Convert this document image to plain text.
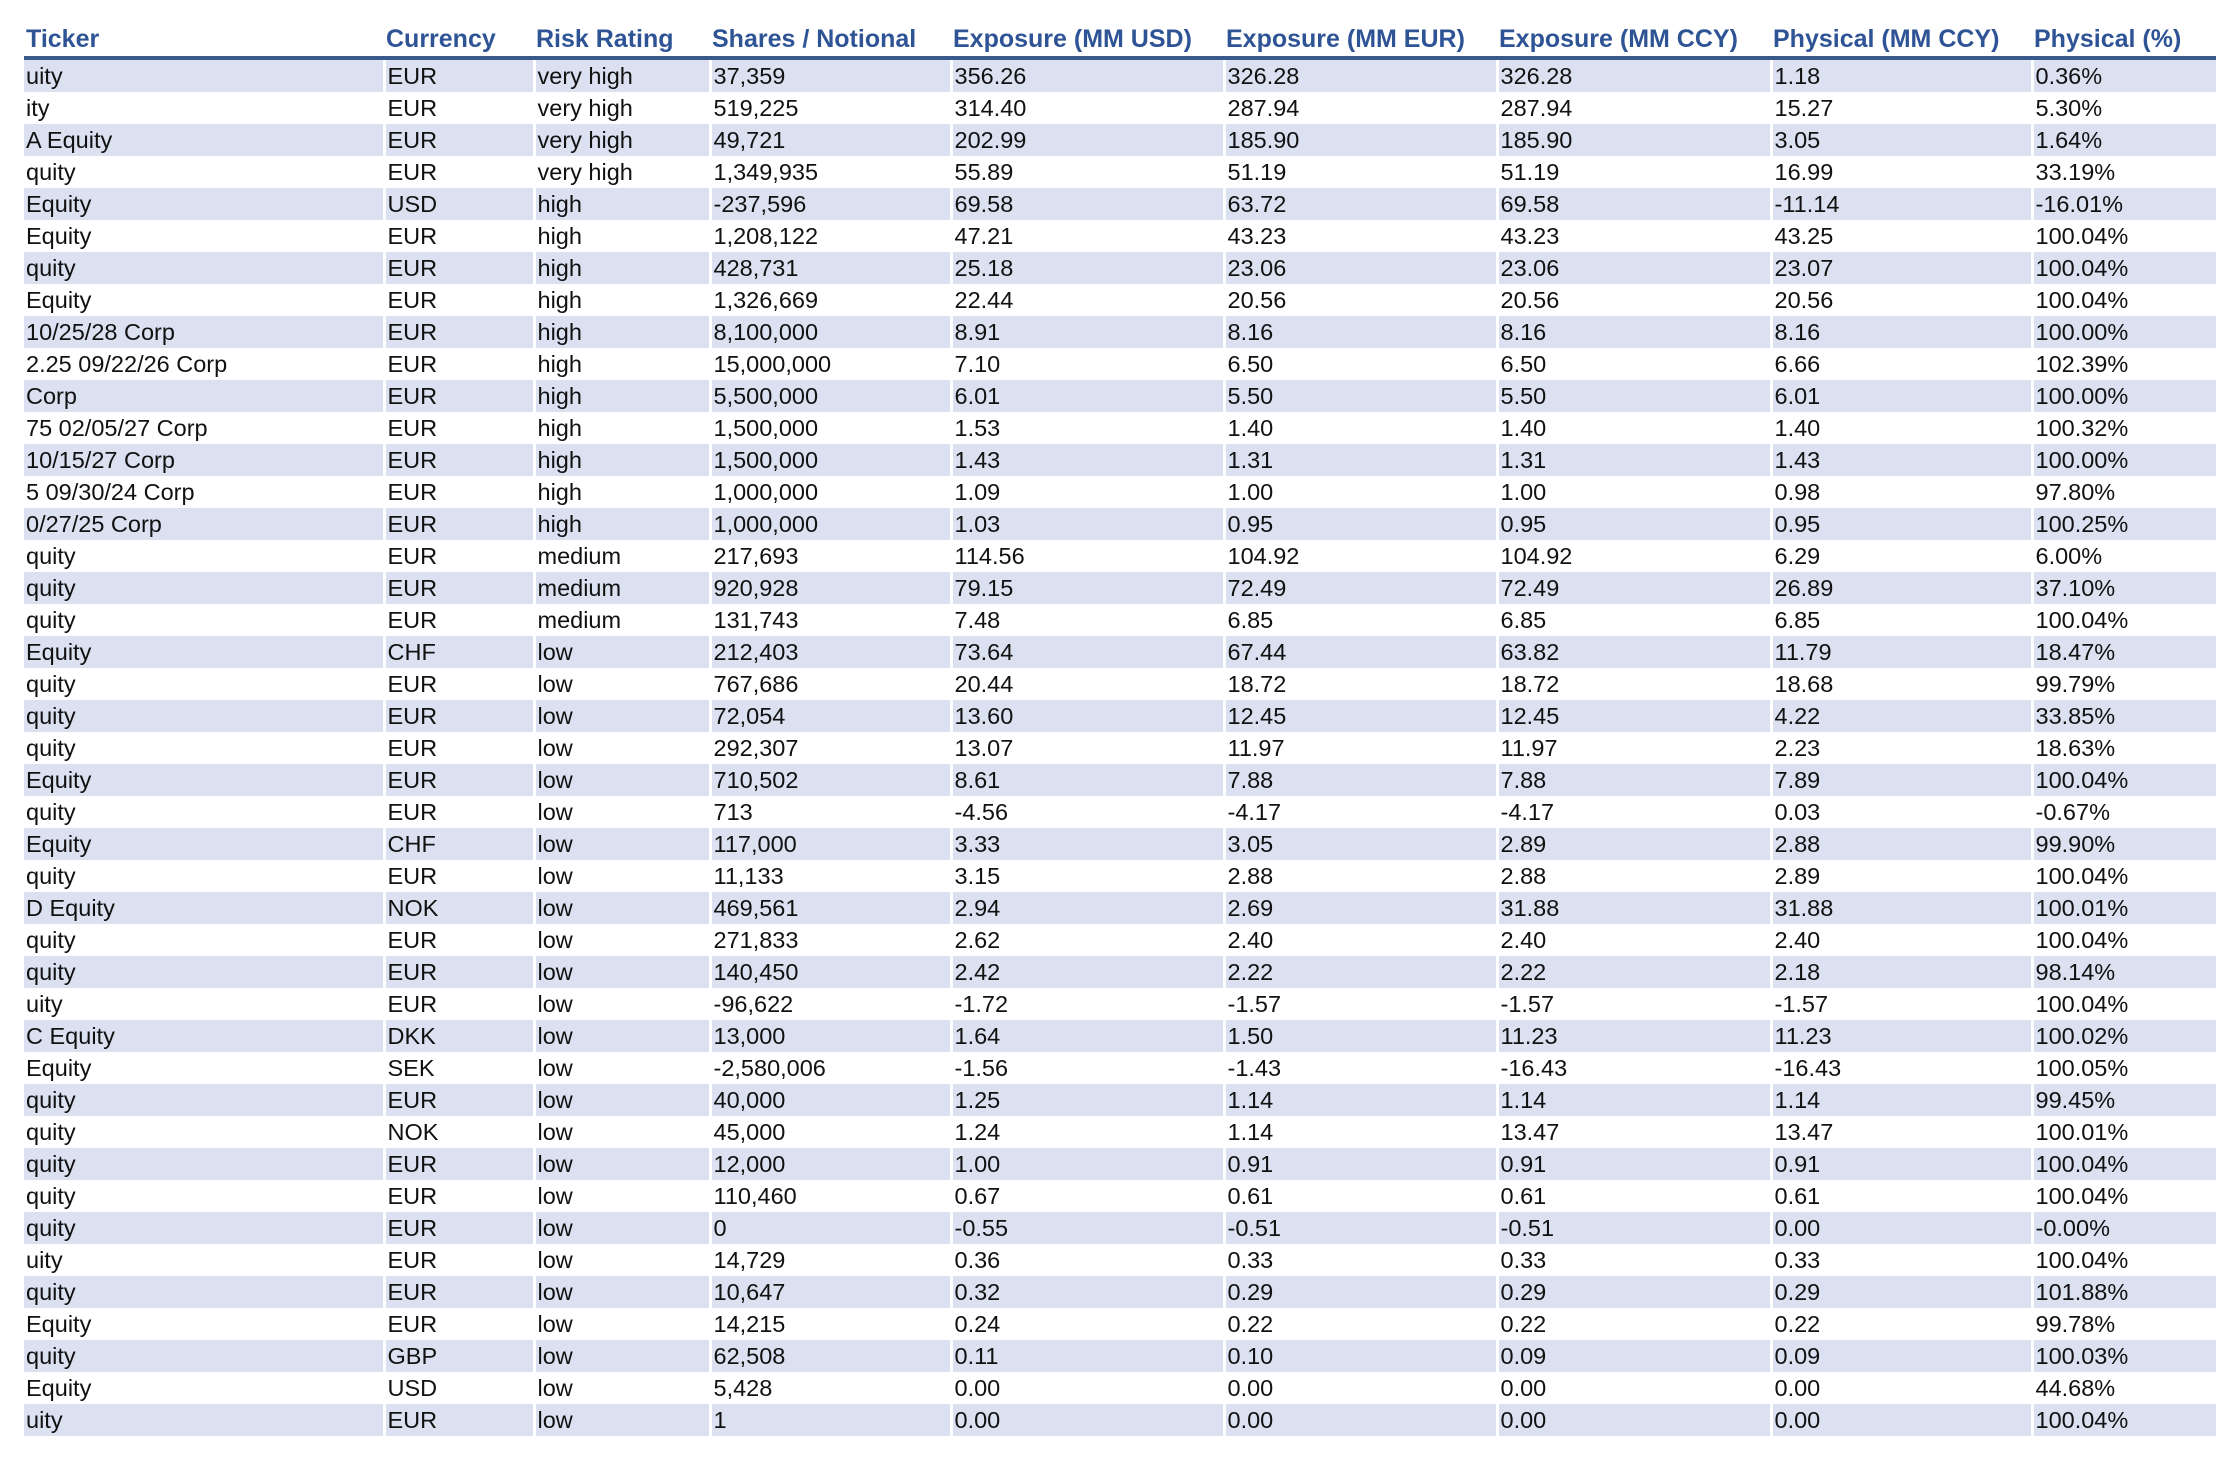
Ticker	Currency	Risk Rating	Shares / Notional	Exposure (MM USD)	Exposure (MM EUR)	Exposure (MM CCY)	Physical (MM CCY)	Physical (%)
uity	EUR	very high	37,359	356.26	326.28	326.28	1.18	0.36%
ity	EUR	very high	519,225	314.40	287.94	287.94	15.27	5.30%
A Equity	EUR	very high	49,721	202.99	185.90	185.90	3.05	1.64%
quity	EUR	very high	1,349,935	55.89	51.19	51.19	16.99	33.19%
Equity	USD	high	-237,596	69.58	63.72	69.58	-11.14	-16.01%
Equity	EUR	high	1,208,122	47.21	43.23	43.23	43.25	100.04%
quity	EUR	high	428,731	25.18	23.06	23.06	23.07	100.04%
Equity	EUR	high	1,326,669	22.44	20.56	20.56	20.56	100.04%
10/25/28 Corp	EUR	high	8,100,000	8.91	8.16	8.16	8.16	100.00%
2.25 09/22/26 Corp	EUR	high	15,000,000	7.10	6.50	6.50	6.66	102.39%
Corp	EUR	high	5,500,000	6.01	5.50	5.50	6.01	100.00%
75 02/05/27 Corp	EUR	high	1,500,000	1.53	1.40	1.40	1.40	100.32%
10/15/27 Corp	EUR	high	1,500,000	1.43	1.31	1.31	1.43	100.00%
5 09/30/24 Corp	EUR	high	1,000,000	1.09	1.00	1.00	0.98	97.80%
0/27/25 Corp	EUR	high	1,000,000	1.03	0.95	0.95	0.95	100.25%
quity	EUR	medium	217,693	114.56	104.92	104.92	6.29	6.00%
quity	EUR	medium	920,928	79.15	72.49	72.49	26.89	37.10%
quity	EUR	medium	131,743	7.48	6.85	6.85	6.85	100.04%
Equity	CHF	low	212,403	73.64	67.44	63.82	11.79	18.47%
quity	EUR	low	767,686	20.44	18.72	18.72	18.68	99.79%
quity	EUR	low	72,054	13.60	12.45	12.45	4.22	33.85%
quity	EUR	low	292,307	13.07	11.97	11.97	2.23	18.63%
Equity	EUR	low	710,502	8.61	7.88	7.88	7.89	100.04%
quity	EUR	low	713	-4.56	-4.17	-4.17	0.03	-0.67%
Equity	CHF	low	117,000	3.33	3.05	2.89	2.88	99.90%
quity	EUR	low	11,133	3.15	2.88	2.88	2.89	100.04%
D Equity	NOK	low	469,561	2.94	2.69	31.88	31.88	100.01%
quity	EUR	low	271,833	2.62	2.40	2.40	2.40	100.04%
quity	EUR	low	140,450	2.42	2.22	2.22	2.18	98.14%
uity	EUR	low	-96,622	-1.72	-1.57	-1.57	-1.57	100.04%
C Equity	DKK	low	13,000	1.64	1.50	11.23	11.23	100.02%
Equity	SEK	low	-2,580,006	-1.56	-1.43	-16.43	-16.43	100.05%
quity	EUR	low	40,000	1.25	1.14	1.14	1.14	99.45%
quity	NOK	low	45,000	1.24	1.14	13.47	13.47	100.01%
quity	EUR	low	12,000	1.00	0.91	0.91	0.91	100.04%
quity	EUR	low	110,460	0.67	0.61	0.61	0.61	100.04%
quity	EUR	low	0	-0.55	-0.51	-0.51	0.00	-0.00%
uity	EUR	low	14,729	0.36	0.33	0.33	0.33	100.04%
quity	EUR	low	10,647	0.32	0.29	0.29	0.29	101.88%
Equity	EUR	low	14,215	0.24	0.22	0.22	0.22	99.78%
quity	GBP	low	62,508	0.11	0.10	0.09	0.09	100.03%
Equity	USD	low	5,428	0.00	0.00	0.00	0.00	44.68%
uity	EUR	low	1	0.00	0.00	0.00	0.00	100.04%
